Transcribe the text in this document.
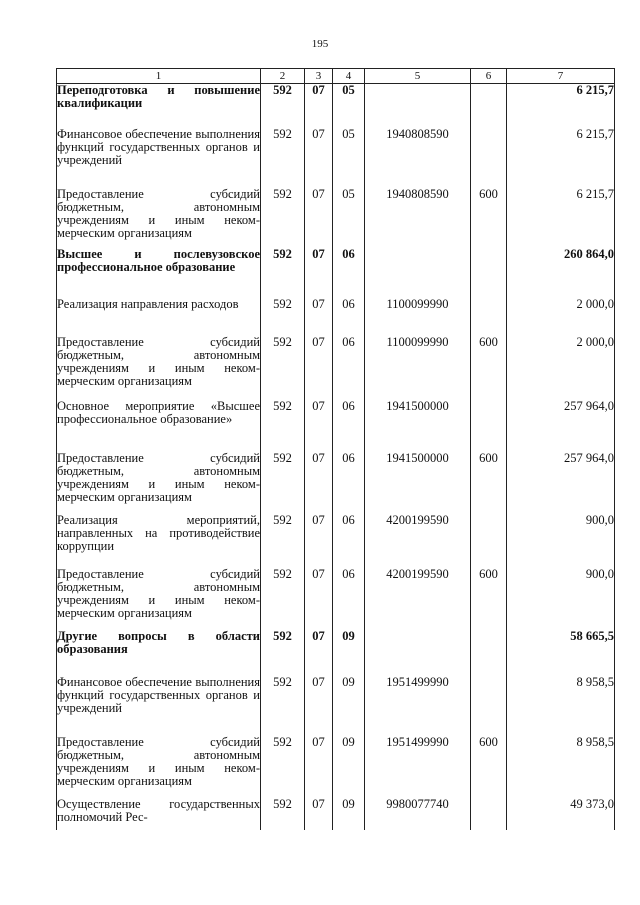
195
1	2	3	4	5	6	7
Переподготовка и повышение квалификации	592	07	05			6 215,7
Финансовое обеспечение выполнения функций государственных органов и учреждений	592	07	05	1940808590		6 215,7
Предоставление субсидий бюджетным, автономным учреждениям и иным некоммерческим организациям	592	07	05	1940808590	600	6 215,7
Высшее и послевузовское профессиональное образование	592	07	06			260 864,0
Реализация направления расходов	592	07	06	1100099990		2 000,0
Предоставление субсидий бюджетным, автономным учреждениям и иным некоммерческим организациям	592	07	06	1100099990	600	2 000,0
Основное мероприятие «Высшее профессиональное образование»	592	07	06	1941500000		257 964,0
Предоставление субсидий бюджетным, автономным учреждениям и иным некоммерческим организациям	592	07	06	1941500000	600	257 964,0
Реализация мероприятий, направленных на противодействие коррупции	592	07	06	4200199590		900,0
Предоставление субсидий бюджетным, автономным учреждениям и иным некоммерческим организациям	592	07	06	4200199590	600	900,0
Другие вопросы в области образования	592	07	09			58 665,5
Финансовое обеспечение выполнения функций государственных органов и учреждений	592	07	09	1951499990		8 958,5
Предоставление субсидий бюджетным, автономным учреждениям и иным некоммерческим организациям	592	07	09	1951499990	600	8 958,5
Осуществление государственных полномочий Рес-	592	07	09	9980077740		49 373,0
